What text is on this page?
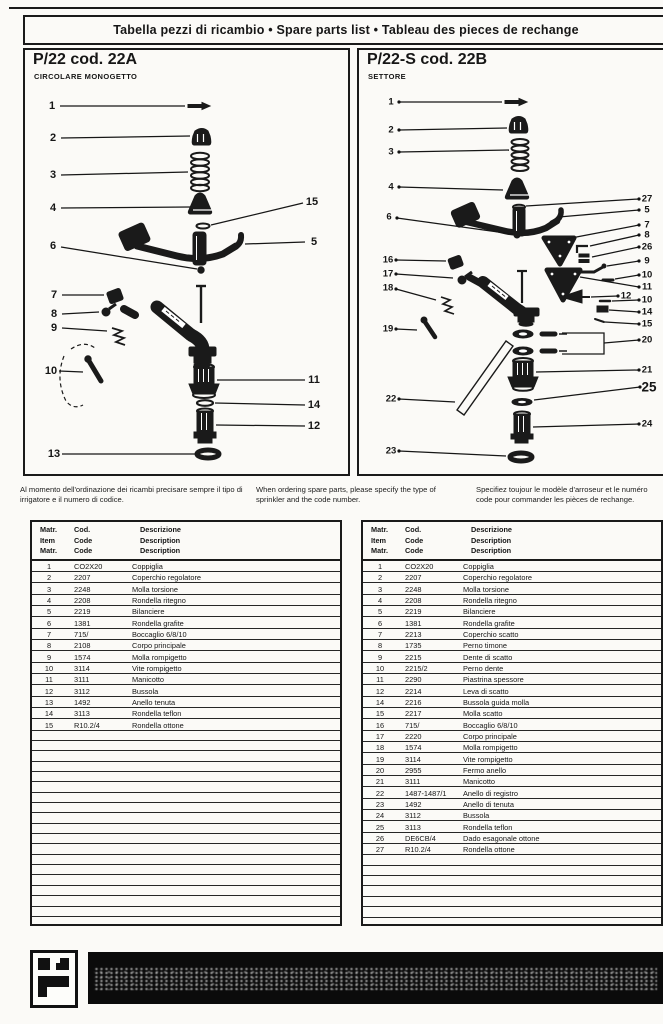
Tabella pezzi di ricambio • Spare parts list • Tableau des pieces de rechange
P/22 cod. 22A
CIRCOLARE MONOGETTO
1
2
3
4	15
5
6
7
8
9
10
11
14
12
13
P/22-S cod. 22B
SETTORE
1
2
3
4
27
5
6
7
8
26
9
10
16
17
18	11
12 10
14
15
19
20
21
22
25
24
23

Al momento dell'ordinazione dei ricambi precisare sempre il tipo di irrigatore e il numero di codice.

When ordering spare parts, please specify the type of sprinkler and the code number.

Specifiez toujour le modèle d'arroseur et le numéro code pour commander les pièces de rechange.

Matr.
Item
Matr.
Cod.
Code
Code
Descrizione
Description
Description
1	CO2X20	Coppiglia
2	2207	Coperchio regolatore
3	2248	Molla torsione
4	2208	Rondella ritegno
5	2219	Bilanciere
6	1381	Rondella grafite
7	715/	Boccaglio 6/8/10
8	2108	Corpo principale
9	1574	Molla rompigetto
10	3114	Vite rompigetto
11	3111	Manicotto
12	3112	Bussola
13	1492	Anello tenuta
14	3113	Rondella teflon
15	R10.2/4	Rondella ottone
Matr.
Item
Matr.
Cod.
Code
Code
Descrizione
Description
Description
1	CO2X20	Coppiglia
2	2207	Coperchio regolatore
3	2248	Molla torsione
4	2208	Rondella ritegno
5	2219	Bilanciere
6	1381	Rondella grafite
7	2213	Coperchio scatto
8	1735	Perno timone
9	2215	Dente di scatto
10	2215/2	Perno dente
11	2290	Piastrina spessore
12	2214	Leva di scatto
14	2216	Bussola guida molla
15	2217	Molla scatto
16	715/	Boccaglio 6/8/10
17	2220	Corpo principale
18	1574	Molla rompigetto
19	3114	Vite rompigetto
20	2955	Fermo anello
21	3111	Manicotto
22	1487-1487/1	Anello di registro
23	1492	Anello di tenuta
24	3112	Bussola
25	3113	Rondella teflon
26	DE6CB/4	Dado esagonale ottone
27	R10.2/4	Rondella ottone
